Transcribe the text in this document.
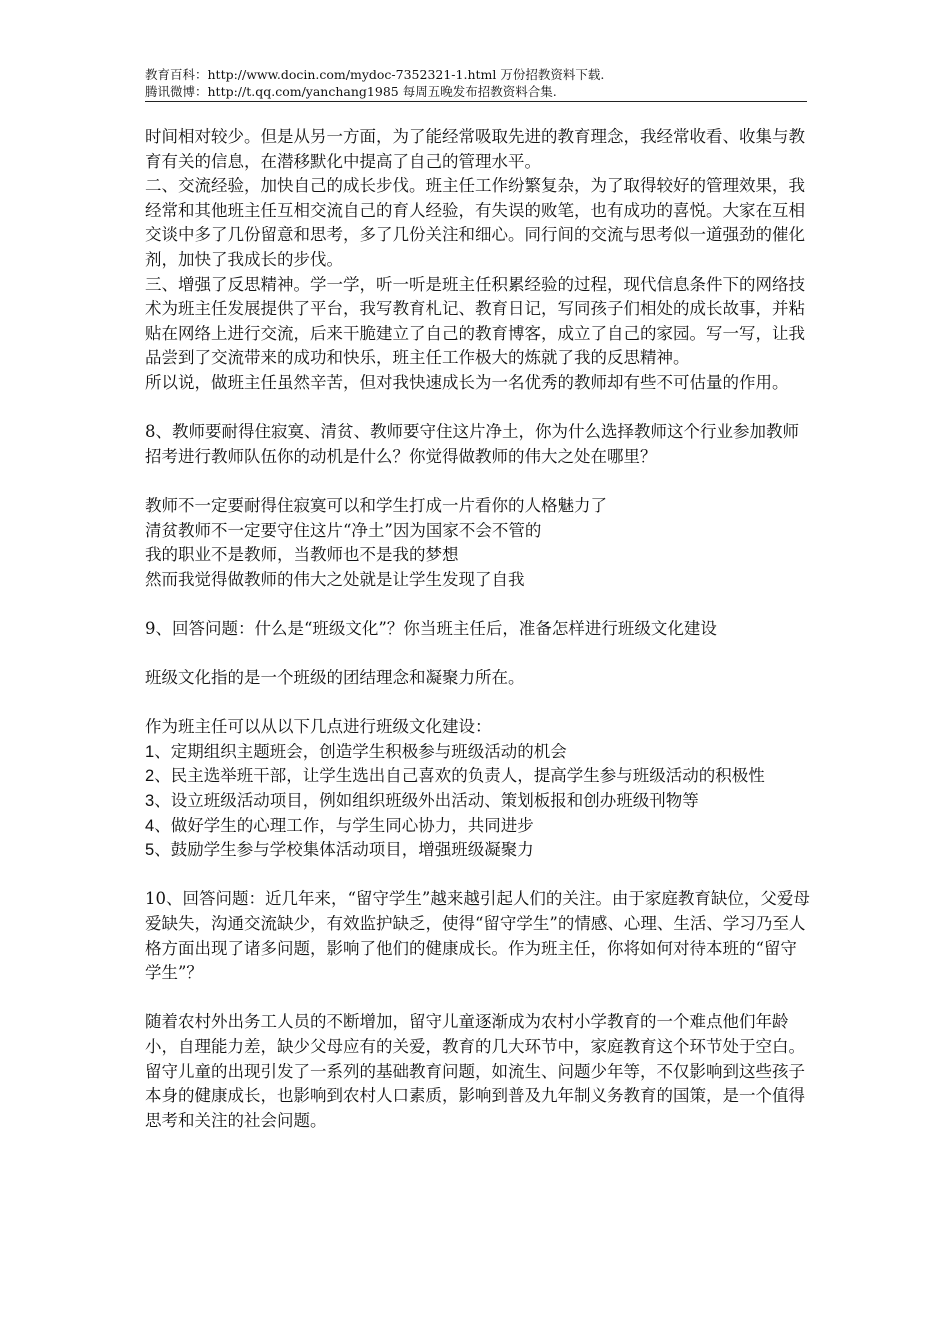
教育百科：http://www.docin.com/mydoc-7352321-1.html 万份招教资料下载.
腾讯微博：http://t.qq.com/yanchang1985 每周五晚发布招教资料合集.

时间相对较少。但是从另一方面，为了能经常吸取先进的教育理念，我经常收看、收集与教育有关的信息，在潜移默化中提高了自己的管理水平。

二、交流经验，加快自己的成长步伐。班主任工作纷繁复杂，为了取得较好的管理效果，我经常和其他班主任互相交流自己的育人经验，有失误的败笔，也有成功的喜悦。大家在互相交谈中多了几份留意和思考，多了几份关注和细心。同行间的交流与思考似一道强劲的催化剂，加快了我成长的步伐。

三、增强了反思精神。学一学，听一听是班主任积累经验的过程，现代信息条件下的网络技术为班主任发展提供了平台，我写教育札记、教育日记，写同孩子们相处的成长故事，并粘贴在网络上进行交流，后来干脆建立了自己的教育博客，成立了自己的家园。写一写，让我品尝到了交流带来的成功和快乐，班主任工作极大的炼就了我的反思精神。

所以说，做班主任虽然辛苦，但对我快速成长为一名优秀的教师却有些不可估量的作用。

8、教师要耐得住寂寞、清贫、教师要守住这片净土，你为什么选择教师这个行业参加教师招考进行教师队伍你的动机是什么？你觉得做教师的伟大之处在哪里？

教师不一定要耐得住寂寞可以和学生打成一片看你的人格魅力了

清贫教师不一定要守住这片“净土”因为国家不会不管的

我的职业不是教师，当教师也不是我的梦想

然而我觉得做教师的伟大之处就是让学生发现了自我

9、回答问题：什么是“班级文化”？你当班主任后，准备怎样进行班级文化建设

班级文化指的是一个班级的团结理念和凝聚力所在。

作为班主任可以从以下几点进行班级文化建设：

1、定期组织主题班会，创造学生积极参与班级活动的机会

2、民主选举班干部，让学生选出自己喜欢的负责人，提高学生参与班级活动的积极性

3、设立班级活动项目，例如组织班级外出活动、策划板报和创办班级刊物等

4、做好学生的心理工作，与学生同心协力，共同进步

5、鼓励学生参与学校集体活动项目，增强班级凝聚力

10、回答问题：近几年来，“留守学生”越来越引起人们的关注。由于家庭教育缺位，父爱母爱缺失，沟通交流缺少，有效监护缺乏，使得“留守学生”的情感、心理、生活、学习乃至人格方面出现了诸多问题，影响了他们的健康成长。作为班主任，你将如何对待本班的“留守学生”？

随着农村外出务工人员的不断增加，留守儿童逐渐成为农村小学教育的一个难点他们年龄小，自理能力差，缺少父母应有的关爱，教育的几大环节中，家庭教育这个环节处于空白。留守儿童的出现引发了一系列的基础教育问题，如流生、问题少年等，不仅影响到这些孩子本身的健康成长，也影响到农村人口素质，影响到普及九年制义务教育的国策，是一个值得思考和关注的社会问题。
